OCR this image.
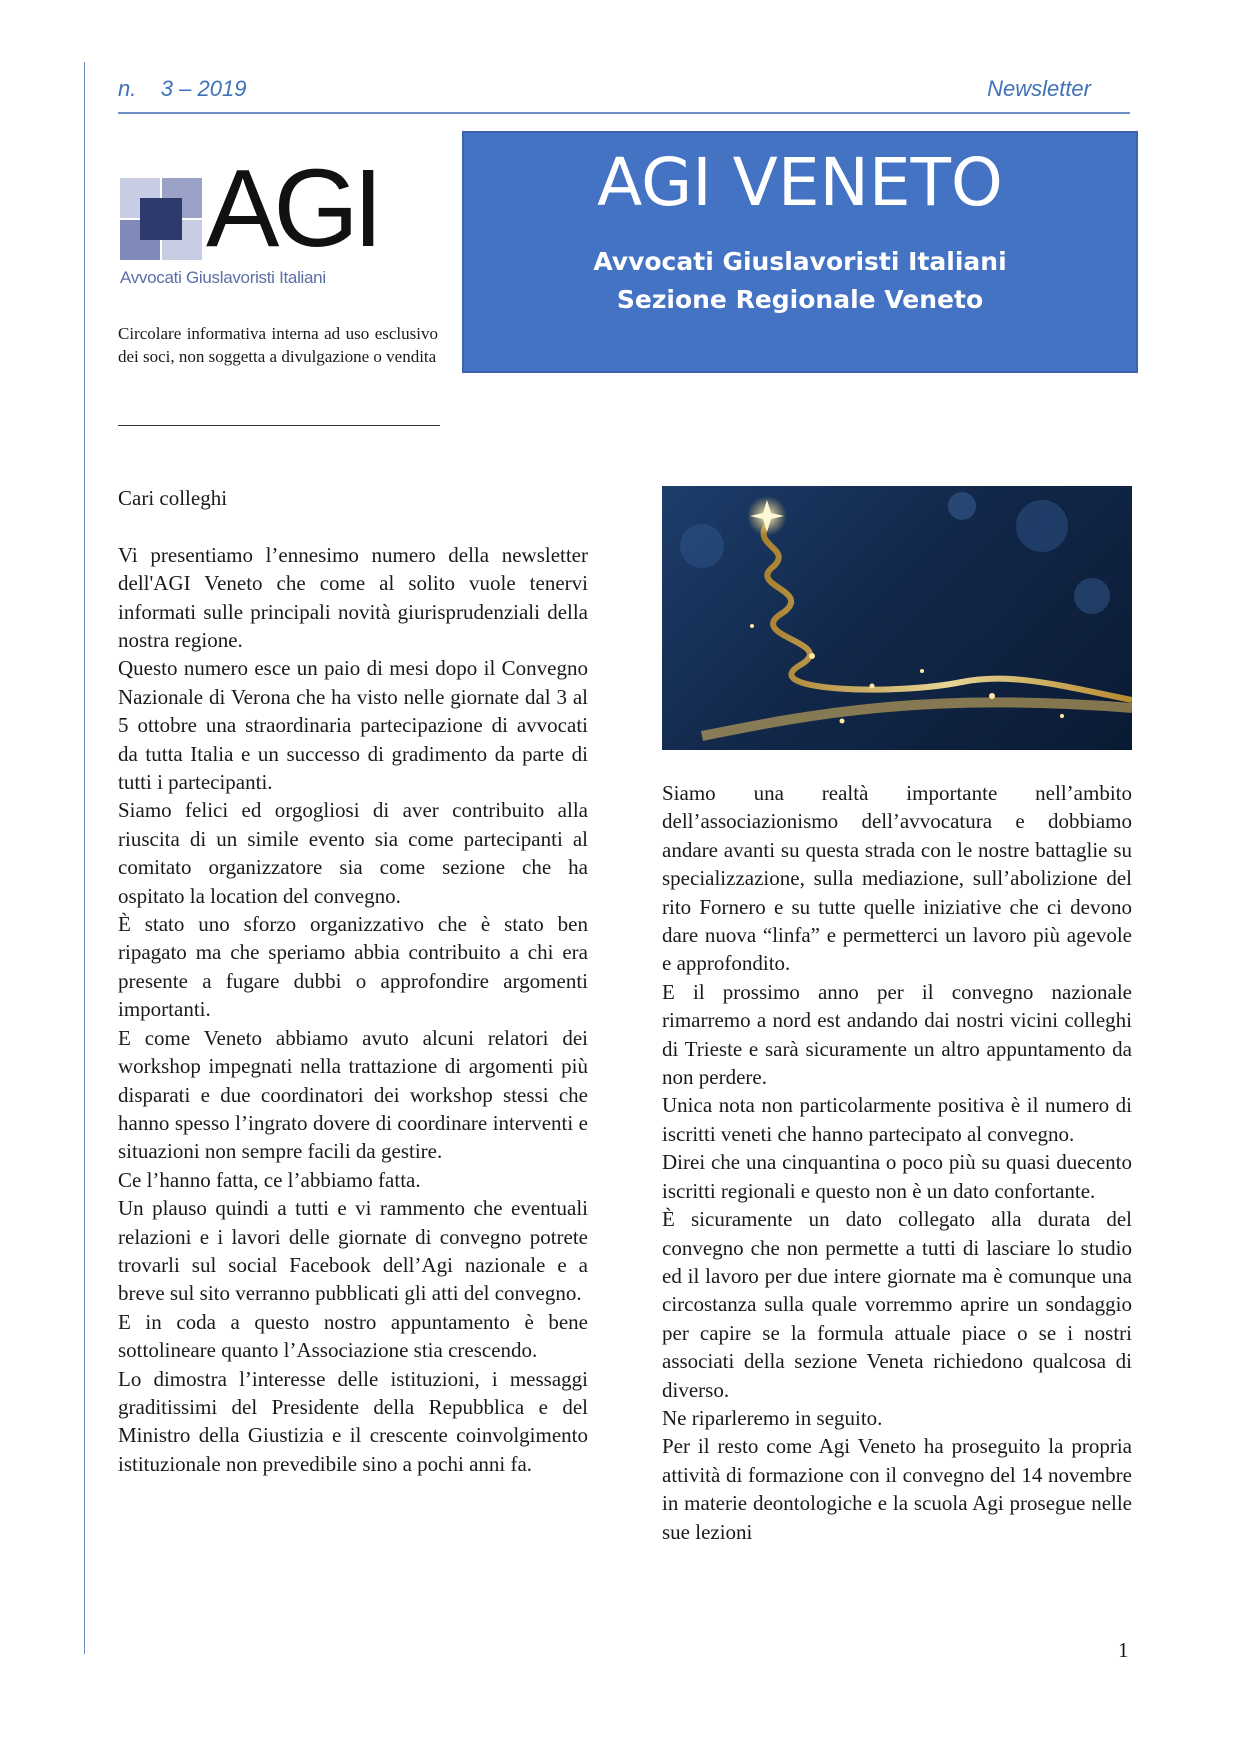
n.    3 – 2019	Newsletter
AGI
Avvocati Giuslavoristi Italiani
Circolare informativa interna ad uso esclusivo dei soci, non soggetta a divulgazione o vendita
AGI VENETO
Avvocati Giuslavoristi Italiani
Sezione Regionale Veneto

Cari colleghi

Vi presentiamo l’ennesimo numero della newsletter dell'AGI Veneto che come al solito vuole tenervi informati sulle principali novità giurisprudenziali della nostra regione.

Questo numero esce un paio di mesi dopo il Convegno Nazionale di Verona che ha visto nelle giornate dal 3 al 5 ottobre una straordinaria partecipazione di avvocati da tutta Italia e un successo di gradimento da parte di tutti i partecipanti.

Siamo felici ed orgogliosi di aver contribuito alla riuscita di un simile evento sia come partecipanti al comitato organizzatore sia come sezione che ha ospitato la location del convegno.

È stato uno sforzo organizzativo che è stato ben ripagato ma che speriamo abbia contribuito a chi era presente a fugare dubbi o approfondire argomenti importanti.

E come Veneto abbiamo avuto alcuni relatori dei workshop impegnati nella trattazione di argomenti più disparati e due coordinatori dei workshop stessi che hanno spesso l’ingrato dovere di coordinare interventi e situazioni non sempre facili da gestire.

Ce l’hanno fatta, ce l’abbiamo fatta.

Un plauso quindi a tutti e vi rammento che eventuali relazioni e i lavori delle giornate di convegno potrete trovarli sul social Facebook dell’Agi nazionale e a breve sul sito verranno pubblicati gli atti del convegno.

E in coda a questo nostro appuntamento è bene sottolineare quanto l’Associazione stia crescendo.

Lo dimostra l’interesse delle istituzioni, i messaggi graditissimi del Presidente della Repubblica e del Ministro della Giustizia e il crescente coinvolgimento istituzionale non prevedibile sino a pochi anni fa.

Siamo una realtà importante nell’ambito dell’associazionismo dell’avvocatura e dobbiamo andare avanti su questa strada con le nostre battaglie su specializzazione, sulla mediazione, sull’abolizione del rito Fornero e su tutte quelle iniziative che ci devono dare nuova “linfa” e permetterci un lavoro più agevole e approfondito.

E il prossimo anno per il convegno nazionale rimarremo a nord est andando dai nostri vicini colleghi di Trieste e sarà sicuramente un altro appuntamento da non perdere.

Unica nota non particolarmente positiva è il numero di iscritti veneti che hanno partecipato al convegno.

Direi che una cinquantina o poco più su quasi duecento iscritti regionali e questo non è un dato confortante.

È sicuramente un dato collegato alla durata del convegno che non permette a tutti di lasciare lo studio ed il lavoro per due intere giornate ma è comunque una circostanza sulla quale vorremmo aprire un sondaggio per capire se la formula attuale piace o se i nostri associati della sezione Veneta richiedono qualcosa di diverso.

Ne riparleremo in seguito.

Per il resto come Agi Veneto ha proseguito la propria attività di formazione con il convegno del 14 novembre in materie deontologiche e la scuola Agi prosegue nelle sue lezioni

1
